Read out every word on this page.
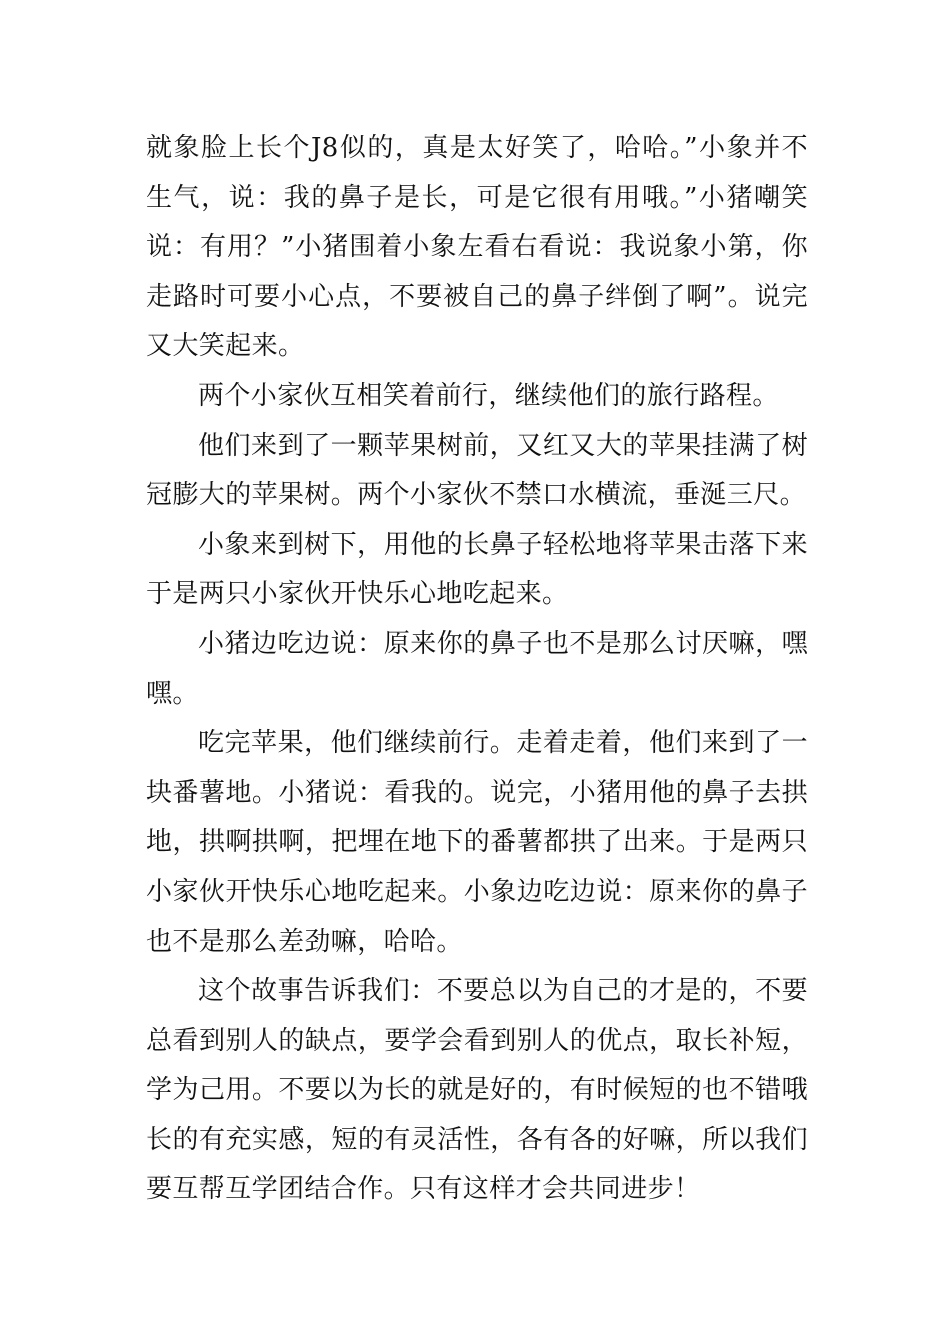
就象脸上长个J8似的，真是太好笑了，哈哈。”小象并不生气，说：我的鼻子是长，可是它很有用哦。”小猪嘲笑说：有用？”小猪围着小象左看右看说：我说象小第，你走路时可要小心点，不要被自己的鼻子绊倒了啊”。说完又大笑起来。

两个小家伙互相笑着前行，继续他们的旅行路程。

他们来到了一颗苹果树前，又红又大的苹果挂满了树冠膨大的苹果树。两个小家伙不禁口水横流，垂涎三尺。

小象来到树下，用他的长鼻子轻松地将苹果击落下来于是两只小家伙开快乐心地吃起来。

小猪边吃边说：原来你的鼻子也不是那么讨厌嘛，嘿嘿。

吃完苹果，他们继续前行。走着走着，他们来到了一块番薯地。小猪说：看我的。说完，小猪用他的鼻子去拱地，拱啊拱啊，把埋在地下的番薯都拱了出来。于是两只小家伙开快乐心地吃起来。小象边吃边说：原来你的鼻子也不是那么差劲嘛，哈哈。

这个故事告诉我们：不要总以为自己的才是的，不要总看到别人的缺点，要学会看到别人的优点，取长补短，学为己用。不要以为长的就是好的，有时候短的也不错哦长的有充实感，短的有灵活性，各有各的好嘛，所以我们要互帮互学团结合作。只有这样才会共同进步！
